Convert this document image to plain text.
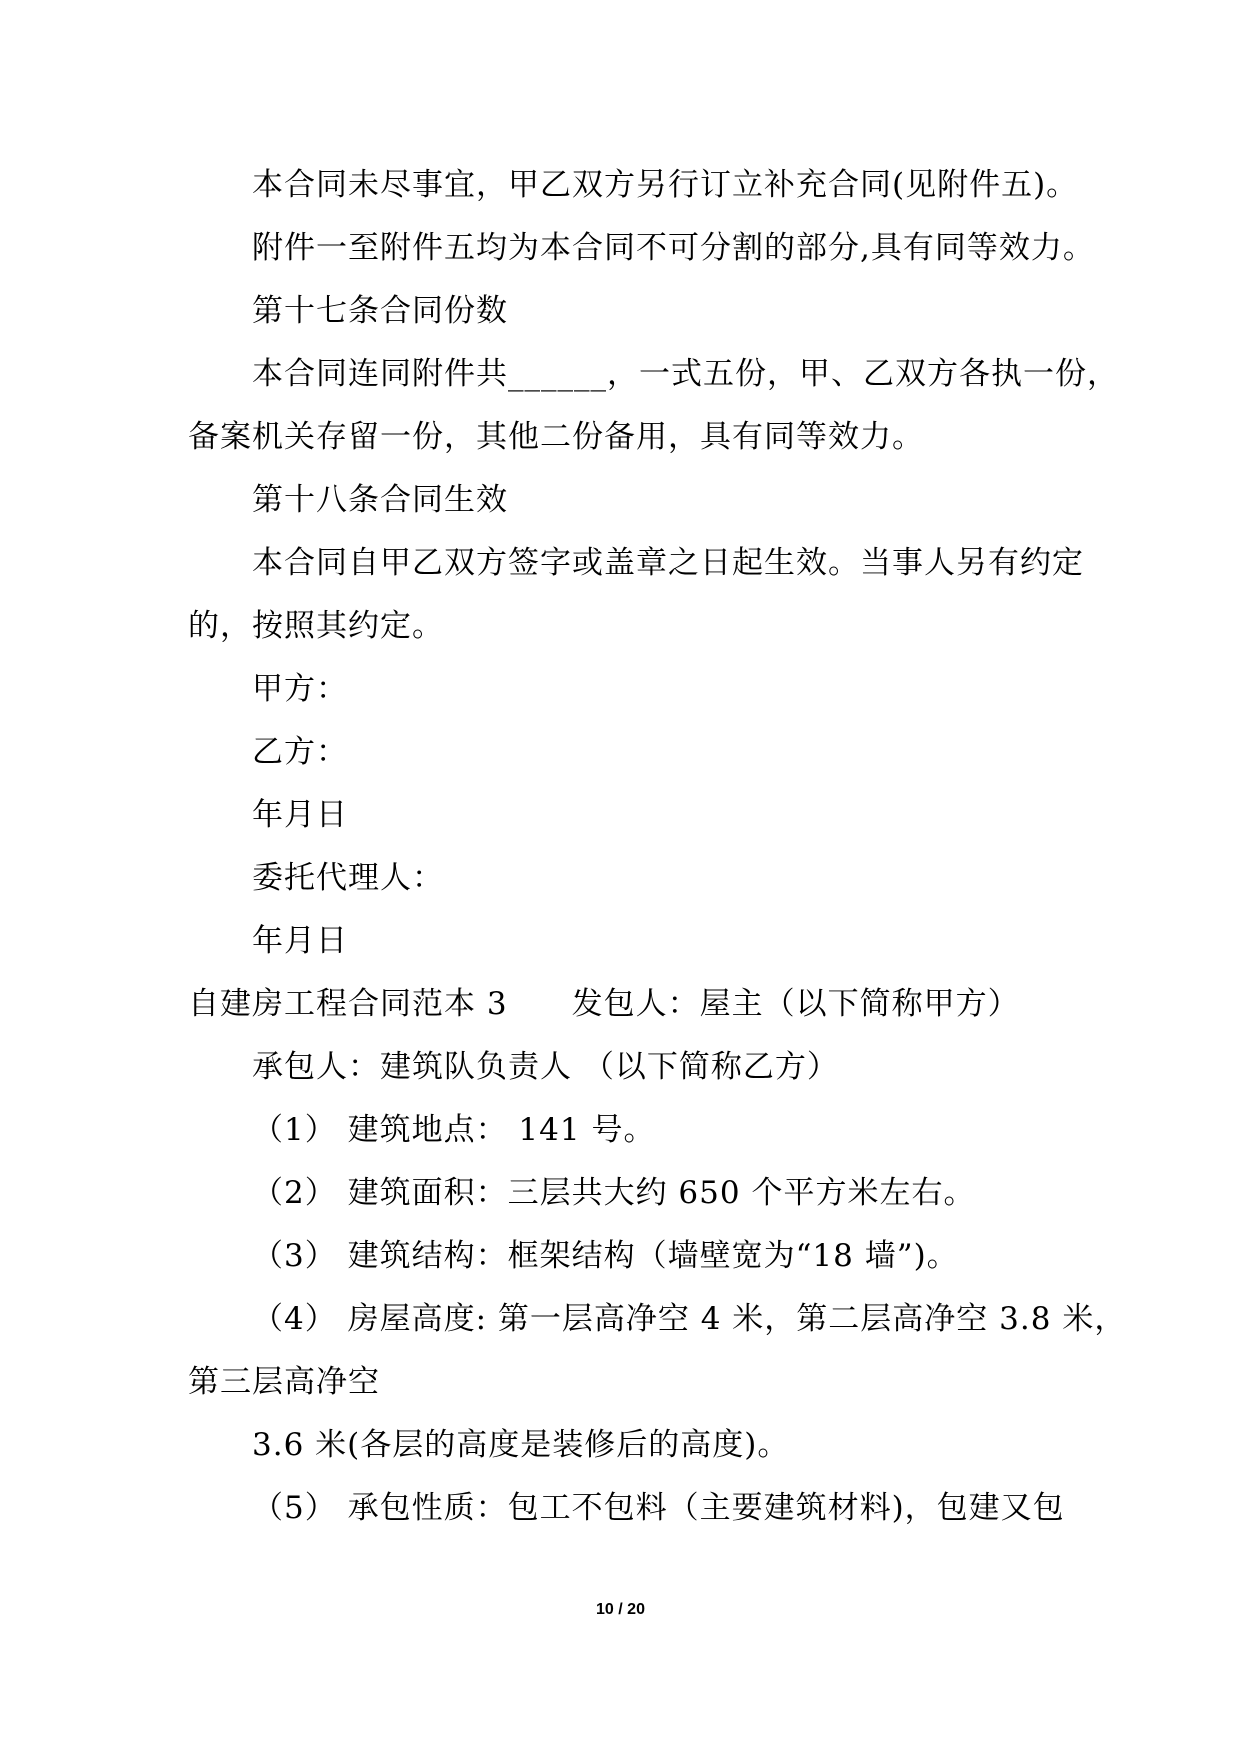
本合同未尽事宜，甲乙双方另行订立补充合同(见附件五)。
附件一至附件五均为本合同不可分割的部分,具有同等效力。
第十七条合同份数
本合同连同附件共______，一式五份，甲、乙双方各执一份，
备案机关存留一份，其他二份备用，具有同等效力。
第十八条合同生效
本合同自甲乙双方签字或盖章之日起生效。当事人另有约定
的，按照其约定。
甲方：
乙方：
年月日
委托代理人：
年月日
自建房工程合同范本 3　　发包人：屋主（以下简称甲方）
承包人：建筑队负责人 （以下简称乙方）
（1） 建筑地点： 141 号。
（2） 建筑面积：三层共大约 650 个平方米左右。
（3） 建筑结构：框架结构（墙壁宽为“18 墙”)。
（4） 房屋高度: 第一层高净空 4 米，第二层高净空 3.8 米，
第三层高净空
3.6 米(各层的高度是装修后的高度)。
（5） 承包性质：包工不包料（主要建筑材料)，包建又包
10 / 20
